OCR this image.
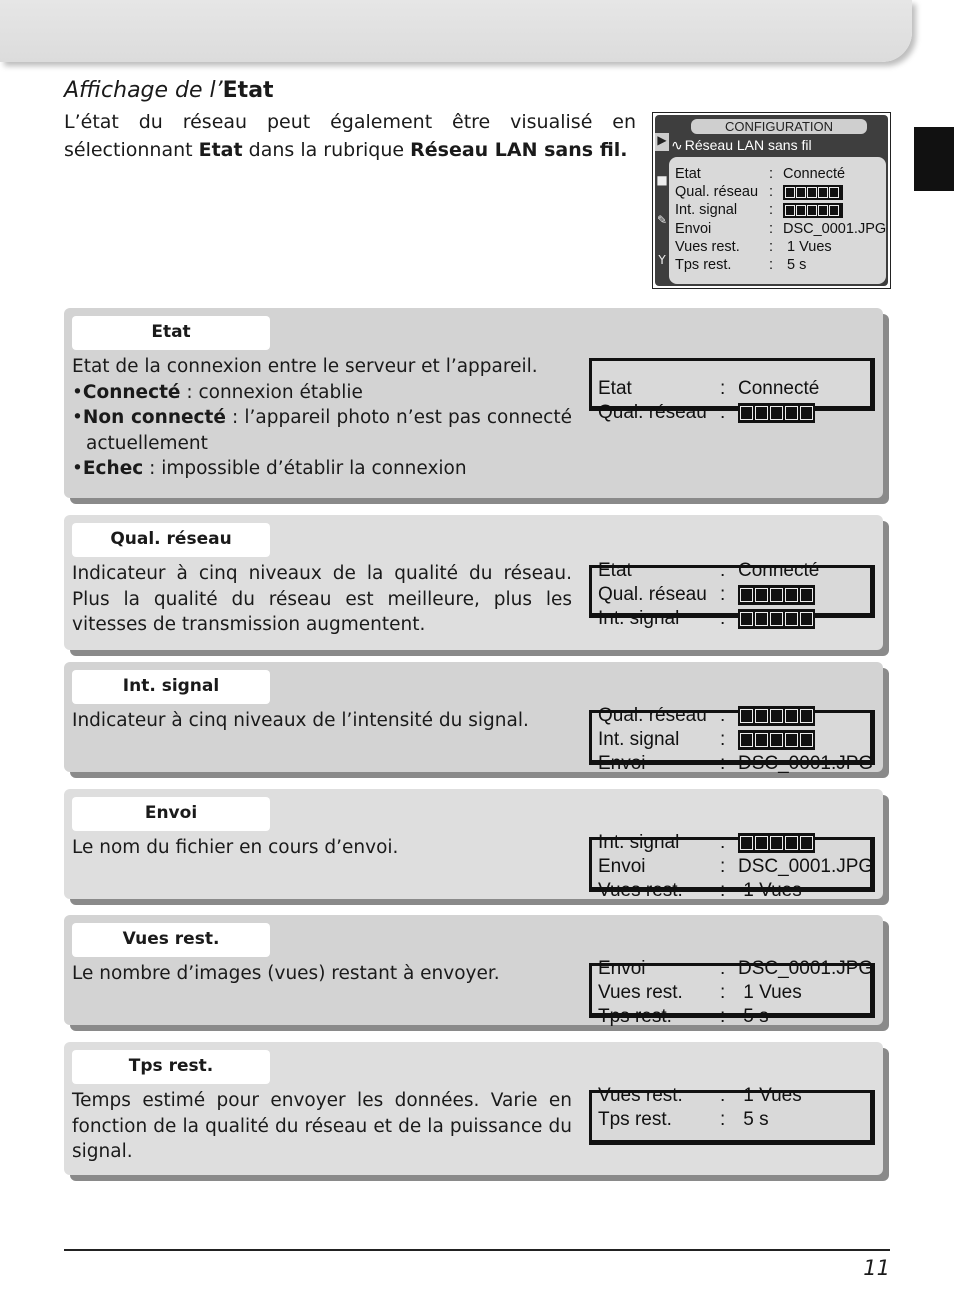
Affichage de l’Etat
L’état du réseau peut également être visualisé en sélectionnant Etat dans la rubrique Réseau LAN sans fil.
CONFIGURATION
▶
■
✎
Y
∿ Réseau LAN sans fil
Etat	: Connecté
Qual. réseau :
Int. signal :
Envoi	: DSC_0001.JPG
Vues rest. : 1 Vues
Tps rest.	: 5 s
Etat
Etat de la connexion entre le serveur et l’appareil.
•Connecté : connexion établie
•Non connecté : l’appareil photo n’est pas connecté actuellement
•Echec : impossible d’établir la connexion
Etat	: Connecté
Qual. réseau :
Qual. réseau
Indicateur à cinq niveaux de la qualité du réseau. Plus la qualité du réseau est meilleure, plus les vitesses de transmission augmentent.
Etat	: Connecté
Qual. réseau :
Int. signal :
Int. signal
Indicateur à cinq niveaux de l’intensité du signal.	Qual. réseau :
Int. signal :
Envoi	: DSC_0001.JPG
Envoi
Le nom du fichier en cours d’envoi.	Int. signal :
Envoi	: DSC_0001.JPG
Vues rest. : 1 Vues
Vues rest.
Le nombre d’images (vues) restant à envoyer.	Envoi	: DSC_0001.JPG
Vues rest. : 1 Vues
Tps rest.	: 5 s
Tps rest.
Temps estimé pour envoyer les données. Varie en fonction de la qualité du réseau et de la puissance du signal.
Vues rest. : 1 Vues
Tps rest.	: 5 s
11
